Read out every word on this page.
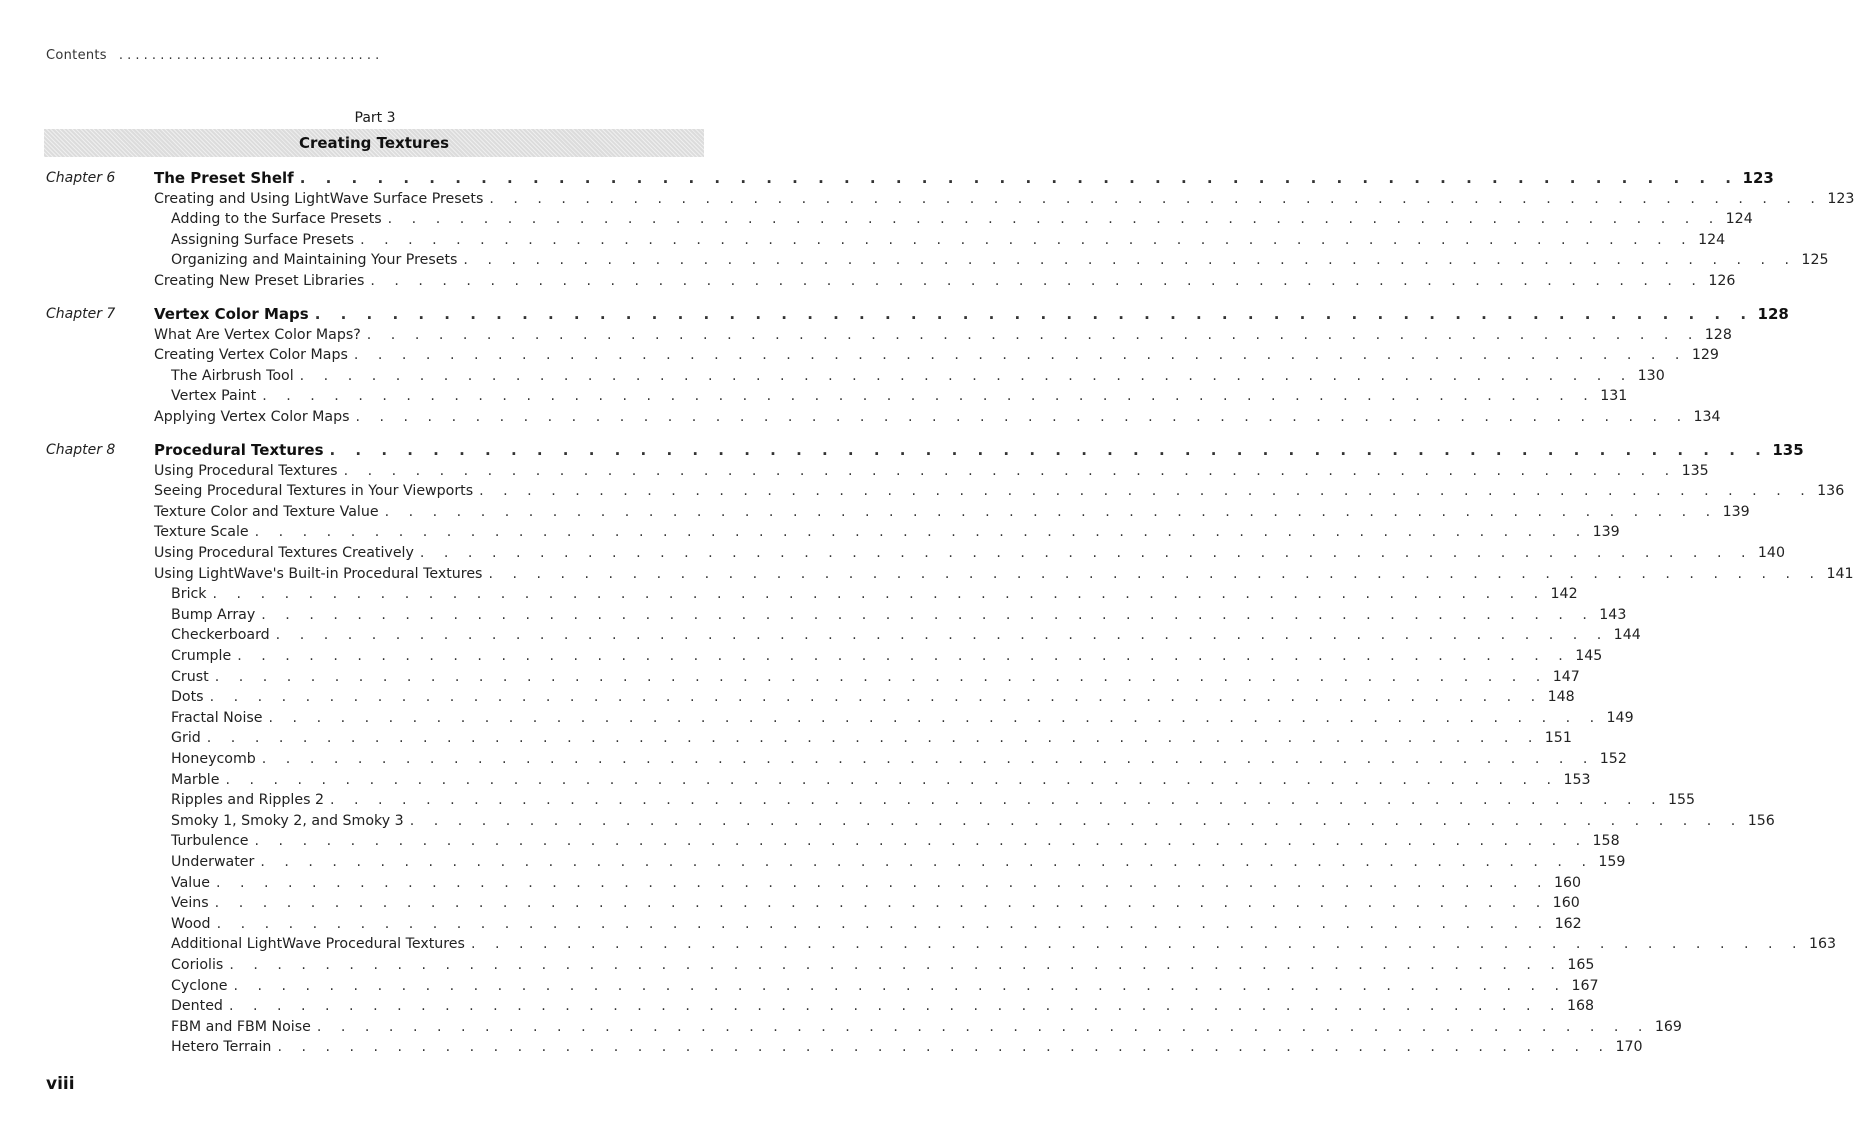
Contents . . . . . . . . . . . . . . . . . . . . . . . . . . . . . . . .
Part 3
Creating Textures
Chapter 6	The Preset Shelf . . . . . . . . . . . . . . . . . . . . . . . . . . . . . . . . . . . . . . . . . . . . . . . . . . . . . . . . 123
Creating and Using LightWave Surface Presets . . . . . . . . . . . . . . . . . . . . . . . . . . . . . . . . . . . . . . . . . . . . . . . . . . . . . . . . 123
Adding to the Surface Presets . . . . . . . . . . . . . . . . . . . . . . . . . . . . . . . . . . . . . . . . . . . . . . . . . . . . . . . . 124
Assigning Surface Presets . . . . . . . . . . . . . . . . . . . . . . . . . . . . . . . . . . . . . . . . . . . . . . . . . . . . . . . . 124
Organizing and Maintaining Your Presets . . . . . . . . . . . . . . . . . . . . . . . . . . . . . . . . . . . . . . . . . . . . . . . . . . . . . . . . 125
Creating New Preset Libraries . . . . . . . . . . . . . . . . . . . . . . . . . . . . . . . . . . . . . . . . . . . . . . . . . . . . . . . . 126
Chapter 7	Vertex Color Maps . . . . . . . . . . . . . . . . . . . . . . . . . . . . . . . . . . . . . . . . . . . . . . . . . . . . . . . . 128
What Are Vertex Color Maps? . . . . . . . . . . . . . . . . . . . . . . . . . . . . . . . . . . . . . . . . . . . . . . . . . . . . . . . . 128
Creating Vertex Color Maps . . . . . . . . . . . . . . . . . . . . . . . . . . . . . . . . . . . . . . . . . . . . . . . . . . . . . . . . 129
The Airbrush Tool . . . . . . . . . . . . . . . . . . . . . . . . . . . . . . . . . . . . . . . . . . . . . . . . . . . . . . . . 130
Vertex Paint . . . . . . . . . . . . . . . . . . . . . . . . . . . . . . . . . . . . . . . . . . . . . . . . . . . . . . . . 131
Applying Vertex Color Maps . . . . . . . . . . . . . . . . . . . . . . . . . . . . . . . . . . . . . . . . . . . . . . . . . . . . . . . . 134
Chapter 8	Procedural Textures . . . . . . . . . . . . . . . . . . . . . . . . . . . . . . . . . . . . . . . . . . . . . . . . . . . . . . . . 135
Using Procedural Textures . . . . . . . . . . . . . . . . . . . . . . . . . . . . . . . . . . . . . . . . . . . . . . . . . . . . . . . . 135
Seeing Procedural Textures in Your Viewports . . . . . . . . . . . . . . . . . . . . . . . . . . . . . . . . . . . . . . . . . . . . . . . . . . . . . . . . 136
Texture Color and Texture Value . . . . . . . . . . . . . . . . . . . . . . . . . . . . . . . . . . . . . . . . . . . . . . . . . . . . . . . . 139
Texture Scale . . . . . . . . . . . . . . . . . . . . . . . . . . . . . . . . . . . . . . . . . . . . . . . . . . . . . . . . 139
Using Procedural Textures Creatively . . . . . . . . . . . . . . . . . . . . . . . . . . . . . . . . . . . . . . . . . . . . . . . . . . . . . . . . 140
Using LightWave's Built-in Procedural Textures . . . . . . . . . . . . . . . . . . . . . . . . . . . . . . . . . . . . . . . . . . . . . . . . . . . . . . . . 141
Brick . . . . . . . . . . . . . . . . . . . . . . . . . . . . . . . . . . . . . . . . . . . . . . . . . . . . . . . . 142
Bump Array . . . . . . . . . . . . . . . . . . . . . . . . . . . . . . . . . . . . . . . . . . . . . . . . . . . . . . . . 143
Checkerboard . . . . . . . . . . . . . . . . . . . . . . . . . . . . . . . . . . . . . . . . . . . . . . . . . . . . . . . . 144
Crumple . . . . . . . . . . . . . . . . . . . . . . . . . . . . . . . . . . . . . . . . . . . . . . . . . . . . . . . . 145
Crust . . . . . . . . . . . . . . . . . . . . . . . . . . . . . . . . . . . . . . . . . . . . . . . . . . . . . . . . 147
Dots . . . . . . . . . . . . . . . . . . . . . . . . . . . . . . . . . . . . . . . . . . . . . . . . . . . . . . . . 148
Fractal Noise . . . . . . . . . . . . . . . . . . . . . . . . . . . . . . . . . . . . . . . . . . . . . . . . . . . . . . . . 149
Grid . . . . . . . . . . . . . . . . . . . . . . . . . . . . . . . . . . . . . . . . . . . . . . . . . . . . . . . . 151
Honeycomb . . . . . . . . . . . . . . . . . . . . . . . . . . . . . . . . . . . . . . . . . . . . . . . . . . . . . . . . 152
Marble . . . . . . . . . . . . . . . . . . . . . . . . . . . . . . . . . . . . . . . . . . . . . . . . . . . . . . . . 153
Ripples and Ripples 2 . . . . . . . . . . . . . . . . . . . . . . . . . . . . . . . . . . . . . . . . . . . . . . . . . . . . . . . . 155
Smoky 1, Smoky 2, and Smoky 3 . . . . . . . . . . . . . . . . . . . . . . . . . . . . . . . . . . . . . . . . . . . . . . . . . . . . . . . . 156
Turbulence . . . . . . . . . . . . . . . . . . . . . . . . . . . . . . . . . . . . . . . . . . . . . . . . . . . . . . . . 158
Underwater . . . . . . . . . . . . . . . . . . . . . . . . . . . . . . . . . . . . . . . . . . . . . . . . . . . . . . . . 159
Value . . . . . . . . . . . . . . . . . . . . . . . . . . . . . . . . . . . . . . . . . . . . . . . . . . . . . . . . 160
Veins . . . . . . . . . . . . . . . . . . . . . . . . . . . . . . . . . . . . . . . . . . . . . . . . . . . . . . . . 160
Wood . . . . . . . . . . . . . . . . . . . . . . . . . . . . . . . . . . . . . . . . . . . . . . . . . . . . . . . . 162
Additional LightWave Procedural Textures . . . . . . . . . . . . . . . . . . . . . . . . . . . . . . . . . . . . . . . . . . . . . . . . . . . . . . . . 163
Coriolis . . . . . . . . . . . . . . . . . . . . . . . . . . . . . . . . . . . . . . . . . . . . . . . . . . . . . . . . 165
Cyclone . . . . . . . . . . . . . . . . . . . . . . . . . . . . . . . . . . . . . . . . . . . . . . . . . . . . . . . . 167
Dented . . . . . . . . . . . . . . . . . . . . . . . . . . . . . . . . . . . . . . . . . . . . . . . . . . . . . . . . 168
FBM and FBM Noise . . . . . . . . . . . . . . . . . . . . . . . . . . . . . . . . . . . . . . . . . . . . . . . . . . . . . . . . 169
Hetero Terrain . . . . . . . . . . . . . . . . . . . . . . . . . . . . . . . . . . . . . . . . . . . . . . . . . . . . . . . . 170
viii
